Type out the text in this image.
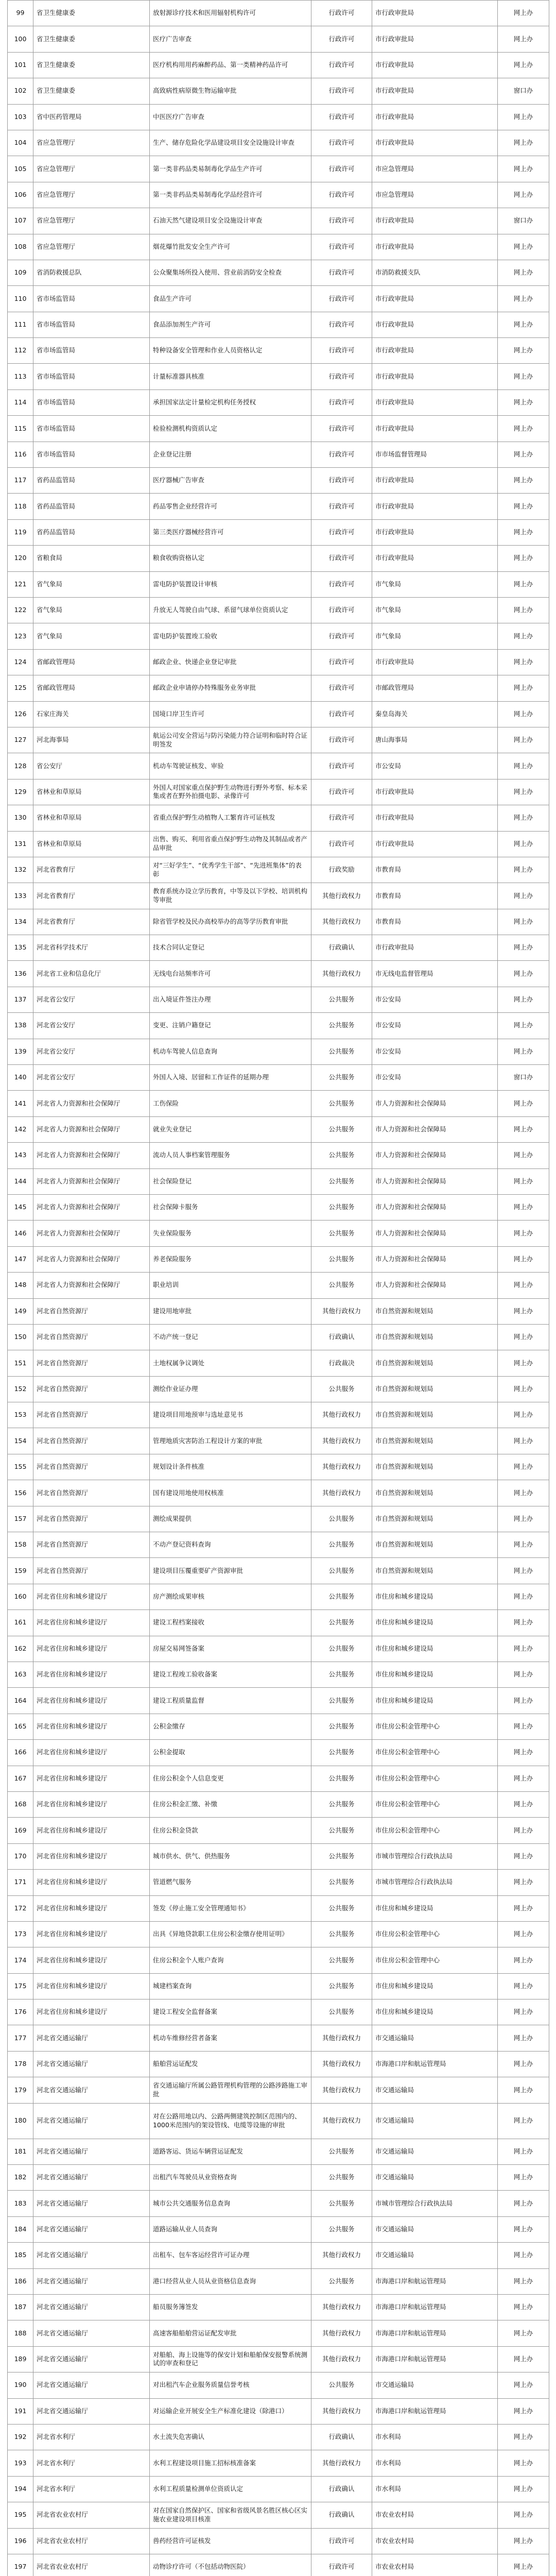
99	省卫生健康委	放射源诊疗技术和医用辐射机构许可	行政许可	市行政审批局	网上办
100	省卫生健康委	医疗广告审查	行政许可	市行政审批局	网上办
101	省卫生健康委	医疗机构用用药麻醉药品、第一类精神药品许可	行政许可	市行政审批局	网上办
102	省卫生健康委	高致病性病原微生物运输审批	行政许可	市行政审批局	窗口办
103	省中医药管理局	中医医疗广告审查	行政许可	市行政审批局	网上办
104	省应急管理厅	生产、储存危险化学品建设项目安全设施设计审查	行政许可	市行政审批局	网上办
105	省应急管理厅	第一类非药品类易制毒化学品生产许可	行政许可	市应急管理局	网上办
106	省应急管理厅	第一类非药品类易制毒化学品经营许可	行政许可	市应急管理局	网上办
107	省应急管理厅	石油天然气建设项目安全设施设计审查	行政许可	市行政审批局	窗口办
108	省应急管理厅	烟花爆竹批发安全生产许可	行政许可	市行政审批局	网上办
109	省消防救援总队	公众聚集场所投入使用、营业前消防安全检查	行政许可	市消防救援支队	网上办
110	省市场监管局	食品生产许可	行政许可	市行政审批局	网上办
111	省市场监管局	食品添加剂生产许可	行政许可	市行政审批局	网上办
112	省市场监管局	特种设备安全管理和作业人员资格认定	行政许可	市行政审批局	网上办
113	省市场监管局	计量标准器具核准	行政许可	市行政审批局	网上办
114	省市场监管局	承担国家法定计量检定机构任务授权	行政许可	市行政审批局	网上办
115	省市场监管局	检验检测机构资质认定	行政许可	市行政审批局	网上办
116	省市场监管局	企业登记注册	行政许可	市市场监督管理局	网上办
117	省药品监管局	医疗器械广告审查	行政许可	市行政审批局	网上办
118	省药品监管局	药品零售企业经营许可	行政许可	市行政审批局	网上办
119	省药品监管局	第三类医疗器械经营许可	行政许可	市行政审批局	网上办
120	省粮食局	粮食收购资格认定	行政许可	市行政审批局	网上办
121	省气象局	雷电防护装置设计审核	行政许可	市气象局	网上办
122	省气象局	升放无人驾驶自由气球、系留气球单位资质认定	行政许可	市气象局	网上办
123	省气象局	雷电防护装置竣工验收	行政许可	市气象局	网上办
124	省邮政管理局	邮政企业、快递企业登记审批	行政许可	市行政审批局	网上办
125	省邮政管理局	邮政企业申请停办特殊服务业务审批	行政许可	市邮政管理局	网上办
126	石家庄海关	国境口岸卫生许可	行政许可	秦皇岛海关	网上办
127	河北海事局	航运公司安全营运与防污染能力符合证明和临时符合证明签发	行政许可	唐山海事局	网上办
128	省公安厅	机动车驾驶证核发、审验	行政许可	市公安局	网上办
129	省林业和草原局	外国人对国家重点保护野生动物进行野外考察、标本采集或者在野外拍摄电影、录像许可	行政许可	市行政审批局	网上办
130	省林业和草原局	省重点保护野生动植物人工繁育许可证核发	行政许可	市行政审批局	网上办
131	省林业和草原局	出售、购买、利用省重点保护野生动物及其制品或者产品审批	行政许可	市行政审批局	网上办
132	河北省教育厅	对“三好学生”、“优秀学生干部”、“先进班集体”的表彰	行政奖励	市教育局	网上办
133	河北省教育厅	教育系统办设立学历教育，中等及以下学校、培训机构等审批	其他行政权力	市教育局	网上办
134	河北省教育厅	除省管学校及民办高校举办的高等学历教育审批	其他行政权力	市教育局	网上办
135	河北省科学技术厅	技术合同认定登记	行政确认	市行政审批局	网上办
136	河北省工业和信息化厅	无线电台站频率许可	其他行政权力	市无线电监督管理局	网上办
137	河北省公安厅	出入境证件签注办理	公共服务	市公安局	网上办
138	河北省公安厅	变更、注销户籍登记	公共服务	市公安局	网上办
139	河北省公安厅	机动车驾驶人信息查询	公共服务	市公安局	网上办
140	河北省公安厅	外国人入境、居留和工作证件的延期办理	公共服务	市公安局	窗口办
141	河北省人力资源和社会保障厅	工伤保险	公共服务	市人力资源和社会保障局	网上办
142	河北省人力资源和社会保障厅	就业失业登记	公共服务	市人力资源和社会保障局	网上办
143	河北省人力资源和社会保障厅	流动人员人事档案管理服务	公共服务	市人力资源和社会保障局	网上办
144	河北省人力资源和社会保障厅	社会保险登记	公共服务	市人力资源和社会保障局	网上办
145	河北省人力资源和社会保障厅	社会保障卡服务	公共服务	市人力资源和社会保障局	网上办
146	河北省人力资源和社会保障厅	失业保险服务	公共服务	市人力资源和社会保障局	网上办
147	河北省人力资源和社会保障厅	养老保险服务	公共服务	市人力资源和社会保障局	网上办
148	河北省人力资源和社会保障厅	职业培训	公共服务	市人力资源和社会保障局	网上办
149	河北省自然资源厅	建设用地审批	其他行政权力	市自然资源和规划局	网上办
150	河北省自然资源厅	不动产统一登记	行政确认	市自然资源和规划局	网上办
151	河北省自然资源厅	土地权属争议调处	行政裁决	市自然资源和规划局	网上办
152	河北省自然资源厅	测绘作业证办理	公共服务	市自然资源和规划局	网上办
153	河北省自然资源厅	建设项目用地预审与选址意见书	其他行政权力	市自然资源和规划局	网上办
154	河北省自然资源厅	管理地质灾害防治工程设计方案的审批	其他行政权力	市自然资源和规划局	网上办
155	河北省自然资源厅	规划设计条件核准	其他行政权力	市自然资源和规划局	网上办
156	河北省自然资源厅	国有建设用地使用权核准	其他行政权力	市自然资源和规划局	网上办
157	河北省自然资源厅	测绘成果提供	公共服务	市自然资源和规划局	网上办
158	河北省自然资源厅	不动产登记资料查询	公共服务	市自然资源和规划局	网上办
159	河北省自然资源厅	建设项目压覆重要矿产资源审批	公共服务	市自然资源和规划局	网上办
160	河北省住房和城乡建设厅	房产测绘成果审核	公共服务	市住房和城乡建设局	网上办
161	河北省住房和城乡建设厅	建设工程档案接收	公共服务	市住房和城乡建设局	网上办
162	河北省住房和城乡建设厅	房屋交易网签备案	公共服务	市住房和城乡建设局	网上办
163	河北省住房和城乡建设厅	建设工程竣工验收备案	公共服务	市住房和城乡建设局	网上办
164	河北省住房和城乡建设厅	建设工程质量监督	公共服务	市住房和城乡建设局	网上办
165	河北省住房和城乡建设厅	公积金缴存	公共服务	市住房公积金管理中心	网上办
166	河北省住房和城乡建设厅	公积金提取	公共服务	市住房公积金管理中心	网上办
167	河北省住房和城乡建设厅	住房公积金个人信息变更	公共服务	市住房公积金管理中心	网上办
168	河北省住房和城乡建设厅	住房公积金汇缴、补缴	公共服务	市住房公积金管理中心	网上办
169	河北省住房和城乡建设厅	住房公积金贷款	公共服务	市住房公积金管理中心	网上办
170	河北省住房和城乡建设厅	城市供水、供气、供热服务	公共服务	市城市管理综合行政执法局	网上办
171	河北省住房和城乡建设厅	管道燃气服务	公共服务	市城市管理综合行政执法局	网上办
172	河北省住房和城乡建设厅	签发《停止施工安全管理通知书》	公共服务	市住房和城乡建设局	网上办
173	河北省住房和城乡建设厅	出具《异地贷款职工住房公积金缴存使用证明》	公共服务	市住房公积金管理中心	网上办
174	河北省住房和城乡建设厅	住房公积金个人账户查询	公共服务	市住房公积金管理中心	网上办
175	河北省住房和城乡建设厅	城建档案查询	公共服务	市住房和城乡建设局	网上办
176	河北省住房和城乡建设厅	建设工程安全监督备案	公共服务	市住房和城乡建设局	网上办
177	河北省交通运输厅	机动车维修经营者备案	其他行政权力	市交通运输局	网上办
178	河北省交通运输厅	船舶营运证配发	其他行政权力	市海港口岸和航运管理局	网上办
179	河北省交通运输厅	省交通运输厅所属公路管理机构管理的公路涉路施工审批	其他行政权力	市交通运输局	网上办
180	河北省交通运输厅	对在公路用地以内、公路两侧建筑控制区范围内的、1000米范围内的架设管线、电缆等设施的审批	其他行政权力	市交通运输局	网上办
181	河北省交通运输厅	道路客运、货运车辆营运证配发	公共服务	市交通运输局	网上办
182	河北省交通运输厅	出租汽车驾驶员从业资格查询	公共服务	市交通运输局	网上办
183	河北省交通运输厅	城市公共交通服务信息查询	公共服务	市城市管理综合行政执法局	网上办
184	河北省交通运输厅	道路运输从业人员查询	公共服务	市交通运输局	网上办
185	河北省交通运输厅	出租车、包车客运经营许可证办理	其他行政权力	市交通运输局	网上办
186	河北省交通运输厅	港口经营从业人员从业资格信息查询	公共服务	市海港口岸和航运管理局	网上办
187	河北省交通运输厅	船员服务簿签发	其他行政权力	市海港口岸和航运管理局	网上办
188	河北省交通运输厅	高速客船船舶营运证配发审批	其他行政权力	市海港口岸和航运管理局	网上办
189	河北省交通运输厅	对船舶、海上设施等的保安计划和船舶保安报警系统测试的审查和登记	其他行政权力	市海港口岸和航运管理局	网上办
190	河北省交通运输厅	对出租汽车企业服务质量信誉考核	公共服务	市交通运输局	网上办
191	河北省交通运输厅	对运输企业开展安全生产标准化建设（除港口）	其他行政权力	市海港口岸和航运管理局	网上办
192	河北省水利厅	水土流失危害确认	行政确认	市水利局	网上办
193	河北省水利厅	水利工程建设项目施工招标核准备案	其他行政权力	市水利局	网上办
194	河北省水利厅	水利工程质量检测单位资质认定	行政确认	市水利局	网上办
195	河北省农业农村厅	对在国家自然保护区、国家和省级风景名胜区核心区实施农业建设项目核准	行政确认	市农业农村局	网上办
196	河北省农业农村厅	兽药经营许可证核发	行政许可	市农业农村局	网上办
197	河北省农业农村厅	动物诊疗许可（不包括动物医院）	行政许可	市农业农村局	网上办
